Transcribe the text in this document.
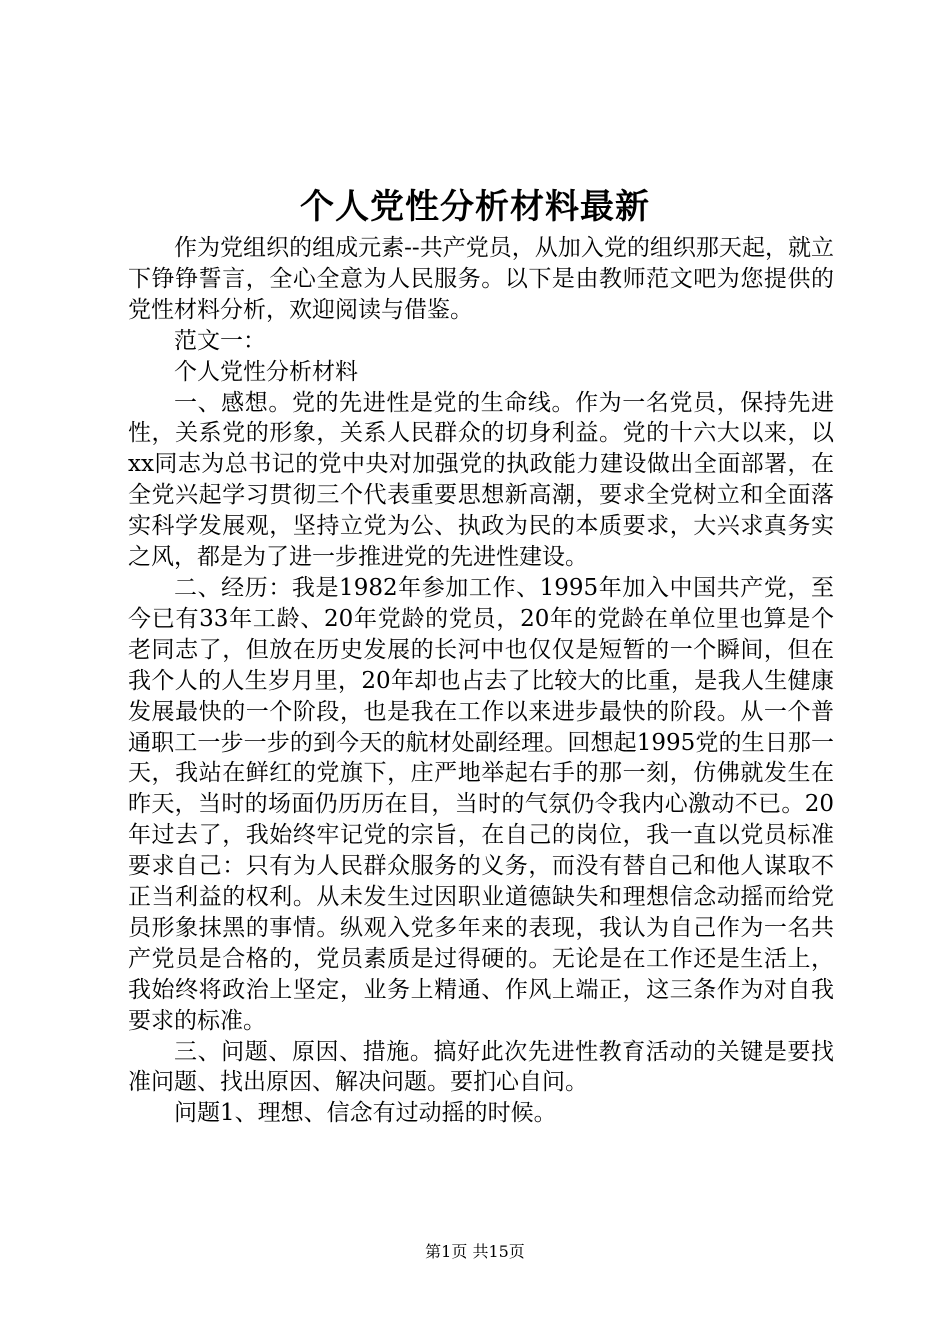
个人党性分析材料最新

作为党组织的组成元素--共产党员，从加入党的组织那天起，就立下铮铮誓言，全心全意为人民服务。以下是由教师范文吧为您提供的党性材料分析，欢迎阅读与借鉴。

范文一：

个人党性分析材料

一、感想。党的先进性是党的生命线。作为一名党员，保持先进性，关系党的形象，关系人民群众的切身利益。党的十六大以来，以xx同志为总书记的党中央对加强党的执政能力建设做出全面部署，在全党兴起学习贯彻三个代表重要思想新高潮，要求全党树立和全面落实科学发展观，坚持立党为公、执政为民的本质要求，大兴求真务实之风，都是为了进一步推进党的先进性建设。

二、经历：我是1982年参加工作、1995年加入中国共产党，至今已有33年工龄、20年党龄的党员，20年的党龄在单位里也算是个老同志了，但放在历史发展的长河中也仅仅是短暂的一个瞬间，但在我个人的人生岁月里，20年却也占去了比较大的比重，是我人生健康发展最快的一个阶段，也是我在工作以来进步最快的阶段。从一个普通职工一步一步的到今天的航材处副经理。回想起1995党的生日那一天，我站在鲜红的党旗下，庄严地举起右手的那一刻，仿佛就发生在昨天，当时的场面仍历历在目，当时的气氛仍令我内心激动不已。20年过去了，我始终牢记党的宗旨，在自己的岗位，我一直以党员标准要求自己：只有为人民群众服务的义务，而没有替自己和他人谋取不正当利益的权利。从未发生过因职业道德缺失和理想信念动摇而给党员形象抹黑的事情。纵观入党多年来的表现，我认为自己作为一名共产党员是合格的，党员素质是过得硬的。无论是在工作还是生活上，我始终将政治上坚定，业务上精通、作风上端正，这三条作为对自我要求的标准。

三、问题、原因、措施。搞好此次先进性教育活动的关键是要找准问题、找出原因、解决问题。要扪心自问。

问题1、理想、信念有过动摇的时候。

第1页 共15页
